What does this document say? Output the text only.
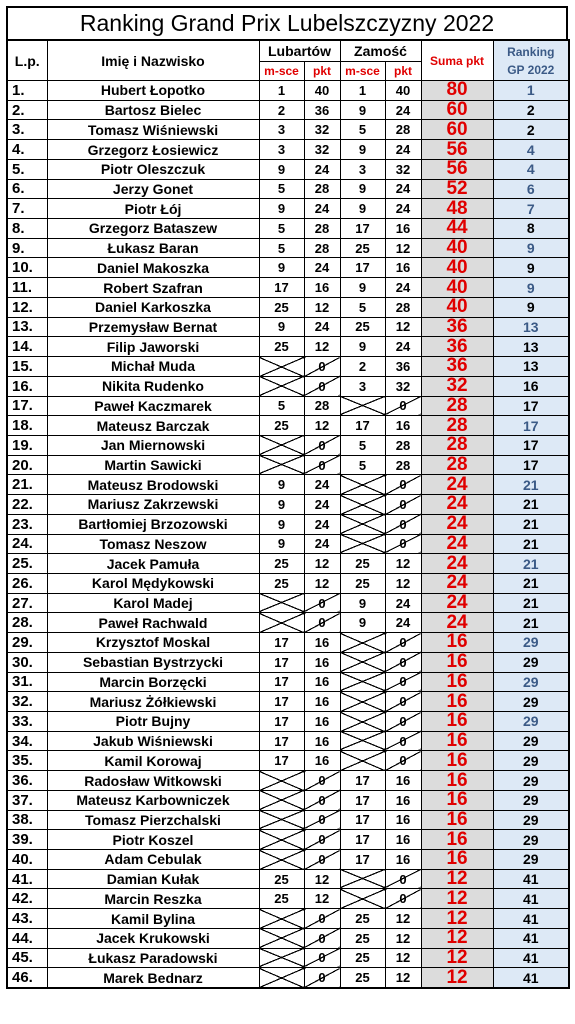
Ranking Grand Prix Lubelszczyzny 2022
L.p.	Imię i Nazwisko	Lubartów		Zamość		Suma pkt	Ranking
GP 2022

		m-sce	pkt	m-sce	pkt		
1.	Hubert Łopotko	1	40	1	40	80	1
2.	Bartosz Bielec	2	36	9	24	60	2
3.	Tomasz Wiśniewski	3	32	5	28	60	2
4.	Grzegorz Łosiewicz	3	32	9	24	56	4
5.	Piotr Oleszczuk	9	24	3	32	56	4
6.	Jerzy Gonet	5	28	9	24	52	6
7.	Piotr Łój	9	24	9	24	48	7
8.	Grzegorz Bataszew	5	28	17	16	44	8
9.	Łukasz Baran	5	28	25	12	40	9
10.	Daniel Makoszka	9	24	17	16	40	9
11.	Robert Szafran	17	16	9	24	40	9
12.	Daniel Karkoszka	25	12	5	28	40	9
13.	Przemysław Bernat	9	24	25	12	36	13
14.	Filip Jaworski	25	12	9	24	36	13
15.	Michał Muda		0	2	36	36	13
16.	Nikita Rudenko		0	3	32	32	16
17.	Paweł Kaczmarek	5	28		0	28	17
18.	Mateusz Barczak	25	12	17	16	28	17
19.	Jan Miernowski		0	5	28	28	17
20.	Martin Sawicki		0	5	28	28	17
21.	Mateusz Brodowski	9	24		0	24	21
22.	Mariusz Zakrzewski	9	24		0	24	21
23.	Bartłomiej Brzozowski	9	24		0	24	21
24.	Tomasz Neszow	9	24		0	24	21
25.	Jacek Pamuła	25	12	25	12	24	21
26.	Karol Mędykowski	25	12	25	12	24	21
27.	Karol Madej		0	9	24	24	21
28.	Paweł Rachwald		0	9	24	24	21
29.	Krzysztof Moskal	17	16		0	16	29
30.	Sebastian Bystrzycki	17	16		0	16	29
31.	Marcin Borzęcki	17	16		0	16	29
32.	Mariusz Żółkiewski	17	16		0	16	29
33.	Piotr Bujny	17	16		0	16	29
34.	Jakub Wiśniewski	17	16		0	16	29
35.	Kamil Korowaj	17	16		0	16	29
36.	Radosław Witkowski		0	17	16	16	29
37.	Mateusz Karbowniczek		0	17	16	16	29
38.	Tomasz Pierzchalski		0	17	16	16	29
39.	Piotr Koszel		0	17	16	16	29
40.	Adam Cebulak		0	17	16	16	29
41.	Damian Kułak	25	12		0	12	41
42.	Marcin Reszka	25	12		0	12	41
43.	Kamil Bylina		0	25	12	12	41
44.	Jacek Krukowski		0	25	12	12	41
45.	Łukasz Paradowski		0	25	12	12	41
46.	Marek Bednarz		0	25	12	12	41
